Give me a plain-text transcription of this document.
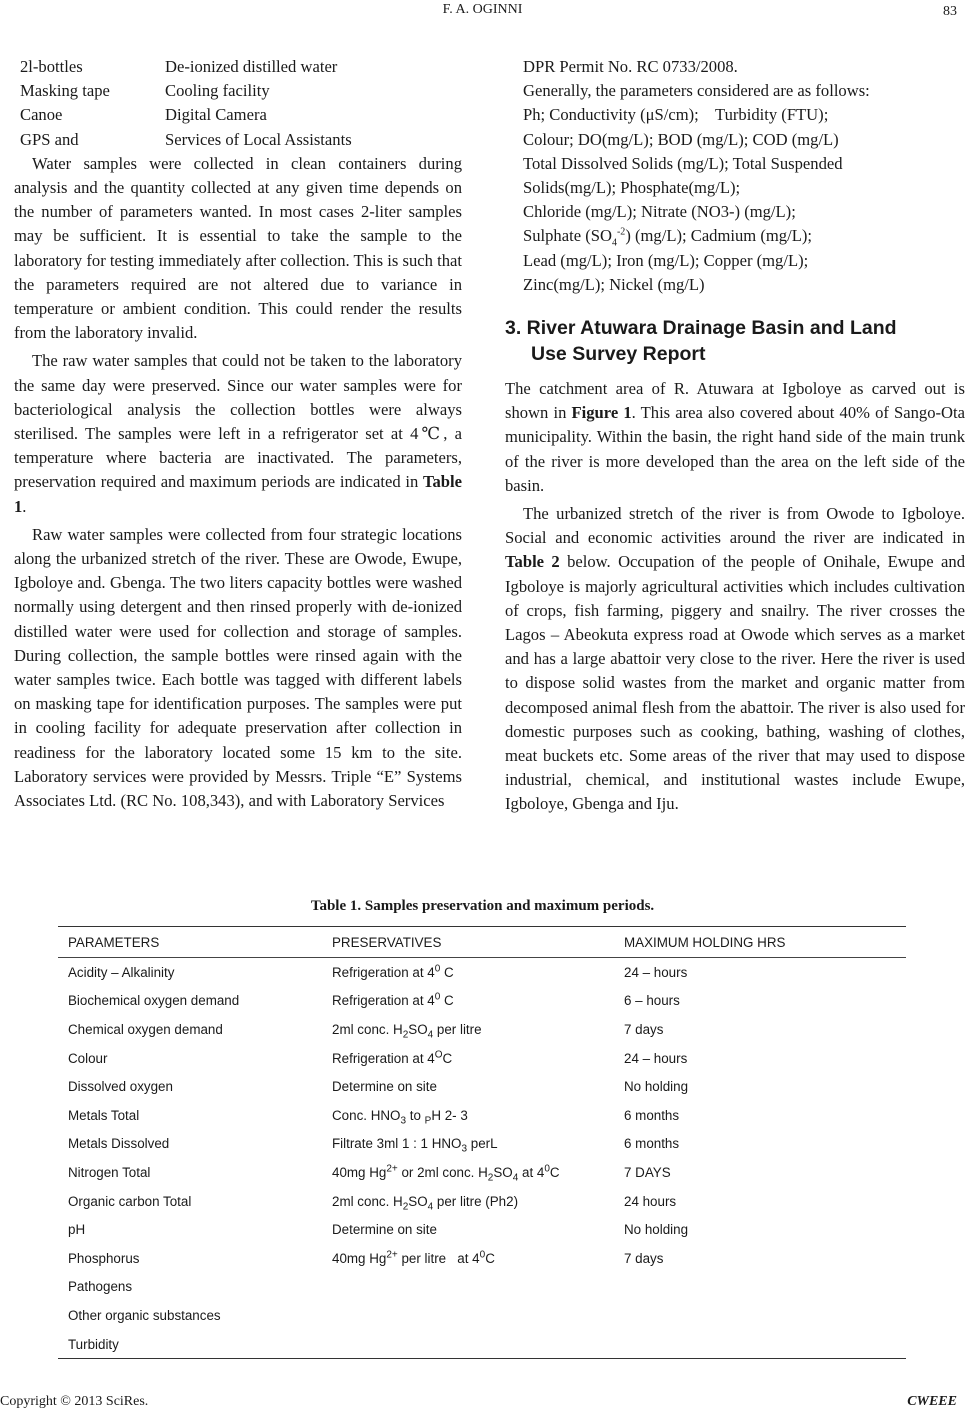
F. A. OGINNI	83
2l-bottles	De-ionized distilled water
Masking tape	Cooling facility
Canoe	Digital Camera
GPS and	Services of Local Assistants

Water samples were collected in clean containers during analysis and the quantity collected at any given time depends on the number of parameters wanted. In most cases 2-liter samples may be sufficient. It is essential to take the sample to the laboratory for testing immediately after collection. This is such that the parameters required are not altered due to variance in temperature or ambient condition. This could render the results from the laboratory invalid.

The raw water samples that could not be taken to the laboratory the same day were preserved. Since our water samples were for bacteriological analysis the collection bottles were always sterilised. The samples were left in a refrigerator set at 4℃, a temperature where bacteria are inactivated. The parameters, preservation required and maximum periods are indicated in Table 1.

Raw water samples were collected from four strategic locations along the urbanized stretch of the river. These are Owode, Ewupe, Igboloye and. Gbenga. The two liters capacity bottles were washed normally using detergent and then rinsed properly with de-ionized distilled water were used for collection and storage of samples. During collection, the sample bottles were rinsed again with the water samples twice. Each bottle was tagged with different labels on masking tape for identification purposes. The samples were put in cooling facility for adequate preservation after collection in readiness for the laboratory located some 15 km to the site. Laboratory services were provided by Messrs. Triple “E” Systems Associates Ltd. (RC No. 108,343), and with Laboratory Services

DPR Permit No. RC 0733/2008.
Generally, the parameters considered are as follows:
Ph; Conductivity (μS/cm);    Turbidity (FTU);
Colour; DO(mg/L); BOD (mg/L); COD (mg/L)
Total Dissolved Solids (mg/L); Total Suspended
Solids(mg/L); Phosphate(mg/L);
Chloride (mg/L); Nitrate (NO3-) (mg/L);
Sulphate $(SO_4^{-2})$ (mg/L); Cadmium (mg/L);
Lead (mg/L); Iron (mg/L); Copper (mg/L);
Zinc(mg/L); Nickel (mg/L)
3. River Atuwara Drainage Basin and Land
Use Survey Report

The catchment area of R. Atuwara at Igboloye as carved out is shown in Figure 1. This area also covered about 40% of Sango-Ota municipality. Within the basin, the right hand side of the main trunk of the river is more developed than the area on the left side of the basin.

The urbanized stretch of the river is from Owode to Igboloye. Social and economic activities around the river are indicated in Table 2 below. Occupation of the people of Onihale, Ewupe and Igboloye is majorly agricultural activities which includes cultivation of crops, fish farming, piggery and snailry. The river crosses the Lagos – Abeokuta express road at Owode which serves as a market and has a large abattoir very close to the river. Here the river is used to dispose solid wastes from the market and organic matter from decomposed animal flesh from the abattoir. The river is also used for domestic purposes such as cooking, bathing, washing of clothes, meat buckets etc. Some areas of the river that may used to dispose industrial, chemical, and institutional wastes include Ewupe, Igboloye, Gbenga and Iju.

Table 1. Samples preservation and maximum periods.
PARAMETERS	PRESERVATIVES	MAXIMUM HOLDING HRS
Acidity – Alkalinity	Refrigeration at $4^0$ C	24 – hours
Biochemical oxygen demand	Refrigeration at $4^0$ C	6 – hours
Chemical oxygen demand	2ml conc. $H_2SO_4$ per litre	7 days
Colour	Refrigeration at $4^OC$	24 – hours
Dissolved oxygen	Determine on site	No holding
Metals Total	Conc. $HNO_3$ to $_P$H 2- 3	6 months
Metals Dissolved	Filtrate 3ml 1 : 1 $HNO_3$ perL	6 months
Nitrogen Total	40mg $Hg^{2+}$ or 2ml conc. $H_2SO_4$ at $4^0C$	7 DAYS
Organic carbon Total	2ml conc. $H_2SO_4$ per litre (Ph2)	24 hours
pH	Determine on site	No holding
Phosphorus	40mg $Hg^{2+}$ per litre   at $4^0C$	7 days
Pathogens
Other organic substances
Turbidity
Copyright © 2013 SciRes.	CWEEE
